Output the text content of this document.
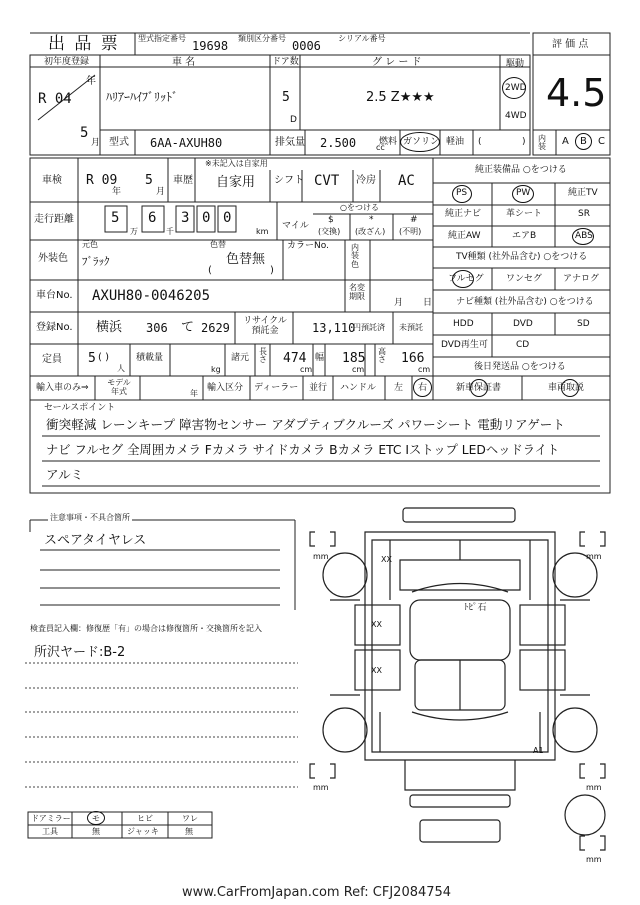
出 品 票 型式指定番号
19698
類別区分番号
0006
シリアル番号
評 価 点
4.5
内装	A B C
初年度登録
R 04
年
5
月
車 名
ﾊﾘｱｰﾊｲﾌﾞﾘｯﾄﾞ
ドア数
5
D
グ レ ー ド
2.5 Z★★★
駆動
2WD
4WD
型式 6AA-AXUH80	排気量 2.500 cc
燃料 ガソリン 軽油 (	)
車検 R 09
年
5
月
※未記入は自家用
車歴 自家用 シフト CVT 冷房 AC
走行距離	5
万
6
千
3 0 0
km
○をつける
マイル
$
(交換)
*
(改ざん)
#
(不明)
外装色
元色
ﾌﾞﾗｯｸ
色替
色替無
(	)
カラーNo.	内装色
車台No. AXUH80-0046205
名変期限
月 日
登録No. 横浜 306 て 2629	リサイクル預託金	13,110
円預託済 未預託
定員 5 ( )
人
積載量
kg
諸元
長さ 474
cm
幅 185
cm
高さ 166
cm
輸入車のみ⇒
モデル年式	年
輸入区分 ディーラー 並行 ハンドル 左 右
純正装備品 ○をつける
PS	PW	純正TV
純正ナビ	革シート	SR
純正AW	エアB	ABS
TV種類 (社外品含む) ○をつける
フルセグ ワンセグ アナログ
ナビ種類 (社外品含む) ○をつける
HDD	DVD	SD
DVD再生可	CD
後日発送品 ○をつける
新車保証書	車両取説
セールスポイント
衝突軽減 レーンキープ 障害物センサー アダプティブクルーズ パワーシート 電動リアゲート
ナビ フルセグ 全周囲カメラ Fカメラ サイドカメラ Bカメラ ETC Iストップ LEDヘッドライト
アルミ
注意事項・不具合箇所
スペアタイヤレス
検査員記入欄：修復歴「有」の場合は修復箇所・交換箇所を記入
所沢ヤード:B-2
XX
XX
XX
ﾄﾋﾟ石
A1
mm	mm
mm	mm
mm
ドアミラー	モ	ヒビ	ワレ
工具	無	ジャッキ	無
www.CarFromJapan.com Ref: CFJ2084754
